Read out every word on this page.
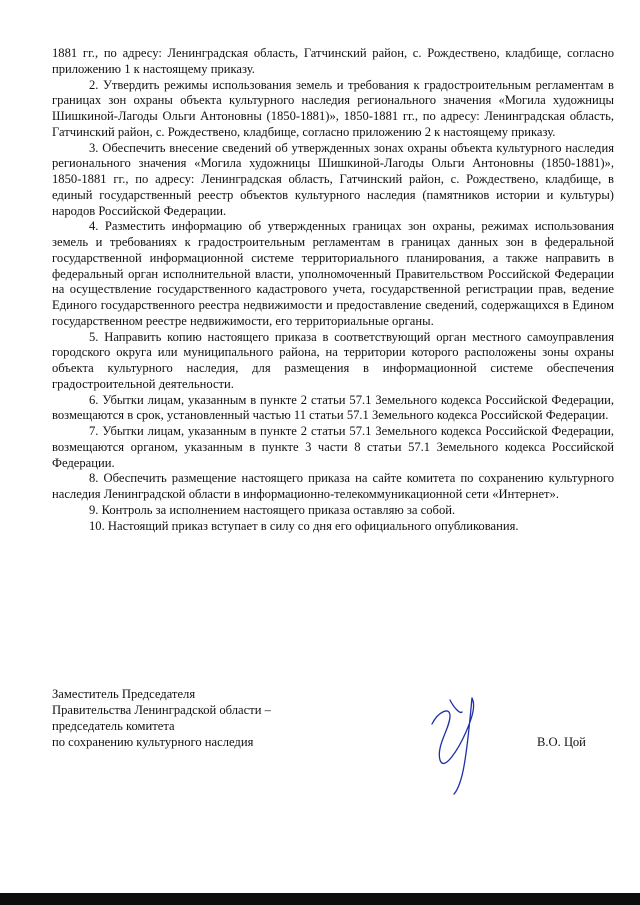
1881 гг., по адресу: Ленинградская область, Гатчинский район, с. Рождествено, кладбище, согласно приложению 1 к настоящему приказу.

2. Утвердить режимы использования земель и требования к градостроительным регламентам в границах зон охраны объекта культурного наследия регионального значения «Могила художницы Шишкиной-Лагоды Ольги Антоновны (1850-1881)», 1850-1881 гг., по адресу: Ленинградская область, Гатчинский район, с. Рождествено, кладбище, согласно приложению 2 к настоящему приказу.

3. Обеспечить внесение сведений об утвержденных зонах охраны объекта культурного наследия регионального значения «Могила художницы Шишкиной-Лагоды Ольги Антоновны (1850-1881)», 1850-1881 гг., по адресу: Ленинградская область, Гатчинский район, с. Рождествено, кладбище, в единый государственный реестр объектов культурного наследия (памятников истории и культуры) народов Российской Федерации.

4. Разместить информацию об утвержденных границах зон охраны, режимах использования земель и требованиях к градостроительным регламентам в границах данных зон в федеральной государственной информационной системе территориального планирования, а также направить в федеральный орган исполнительной власти, уполномоченный Правительством Российской Федерации на осуществление государственного кадастрового учета, государственной регистрации прав, ведение Единого государственного реестра недвижимости и предоставление сведений, содержащихся в Едином государственном реестре недвижимости, его территориальные органы.

5. Направить копию настоящего приказа в соответствующий орган местного самоуправления городского округа или муниципального района, на территории которого расположены зоны охраны объекта культурного наследия, для размещения в информационной системе обеспечения градостроительной деятельности.

6. Убытки лицам, указанным в пункте 2 статьи 57.1 Земельного кодекса Российской Федерации, возмещаются в срок, установленный частью 11 статьи 57.1 Земельного кодекса Российской Федерации.

7. Убытки лицам, указанным в пункте 2 статьи 57.1 Земельного кодекса Российской Федерации, возмещаются органом, указанным в пункте 3 части 8 статьи 57.1 Земельного кодекса Российской Федерации.

8. Обеспечить размещение настоящего приказа на сайте комитета по сохранению культурного наследия Ленинградской области в информационно-телекоммуникационной сети «Интернет».

9. Контроль за исполнением настоящего приказа оставляю за собой.

10. Настоящий приказ вступает в силу со дня его официального опубликования.

Заместитель Председателя
Правительства Ленинградской области –
председатель комитета
по сохранению культурного наследия	В.О. Цой
